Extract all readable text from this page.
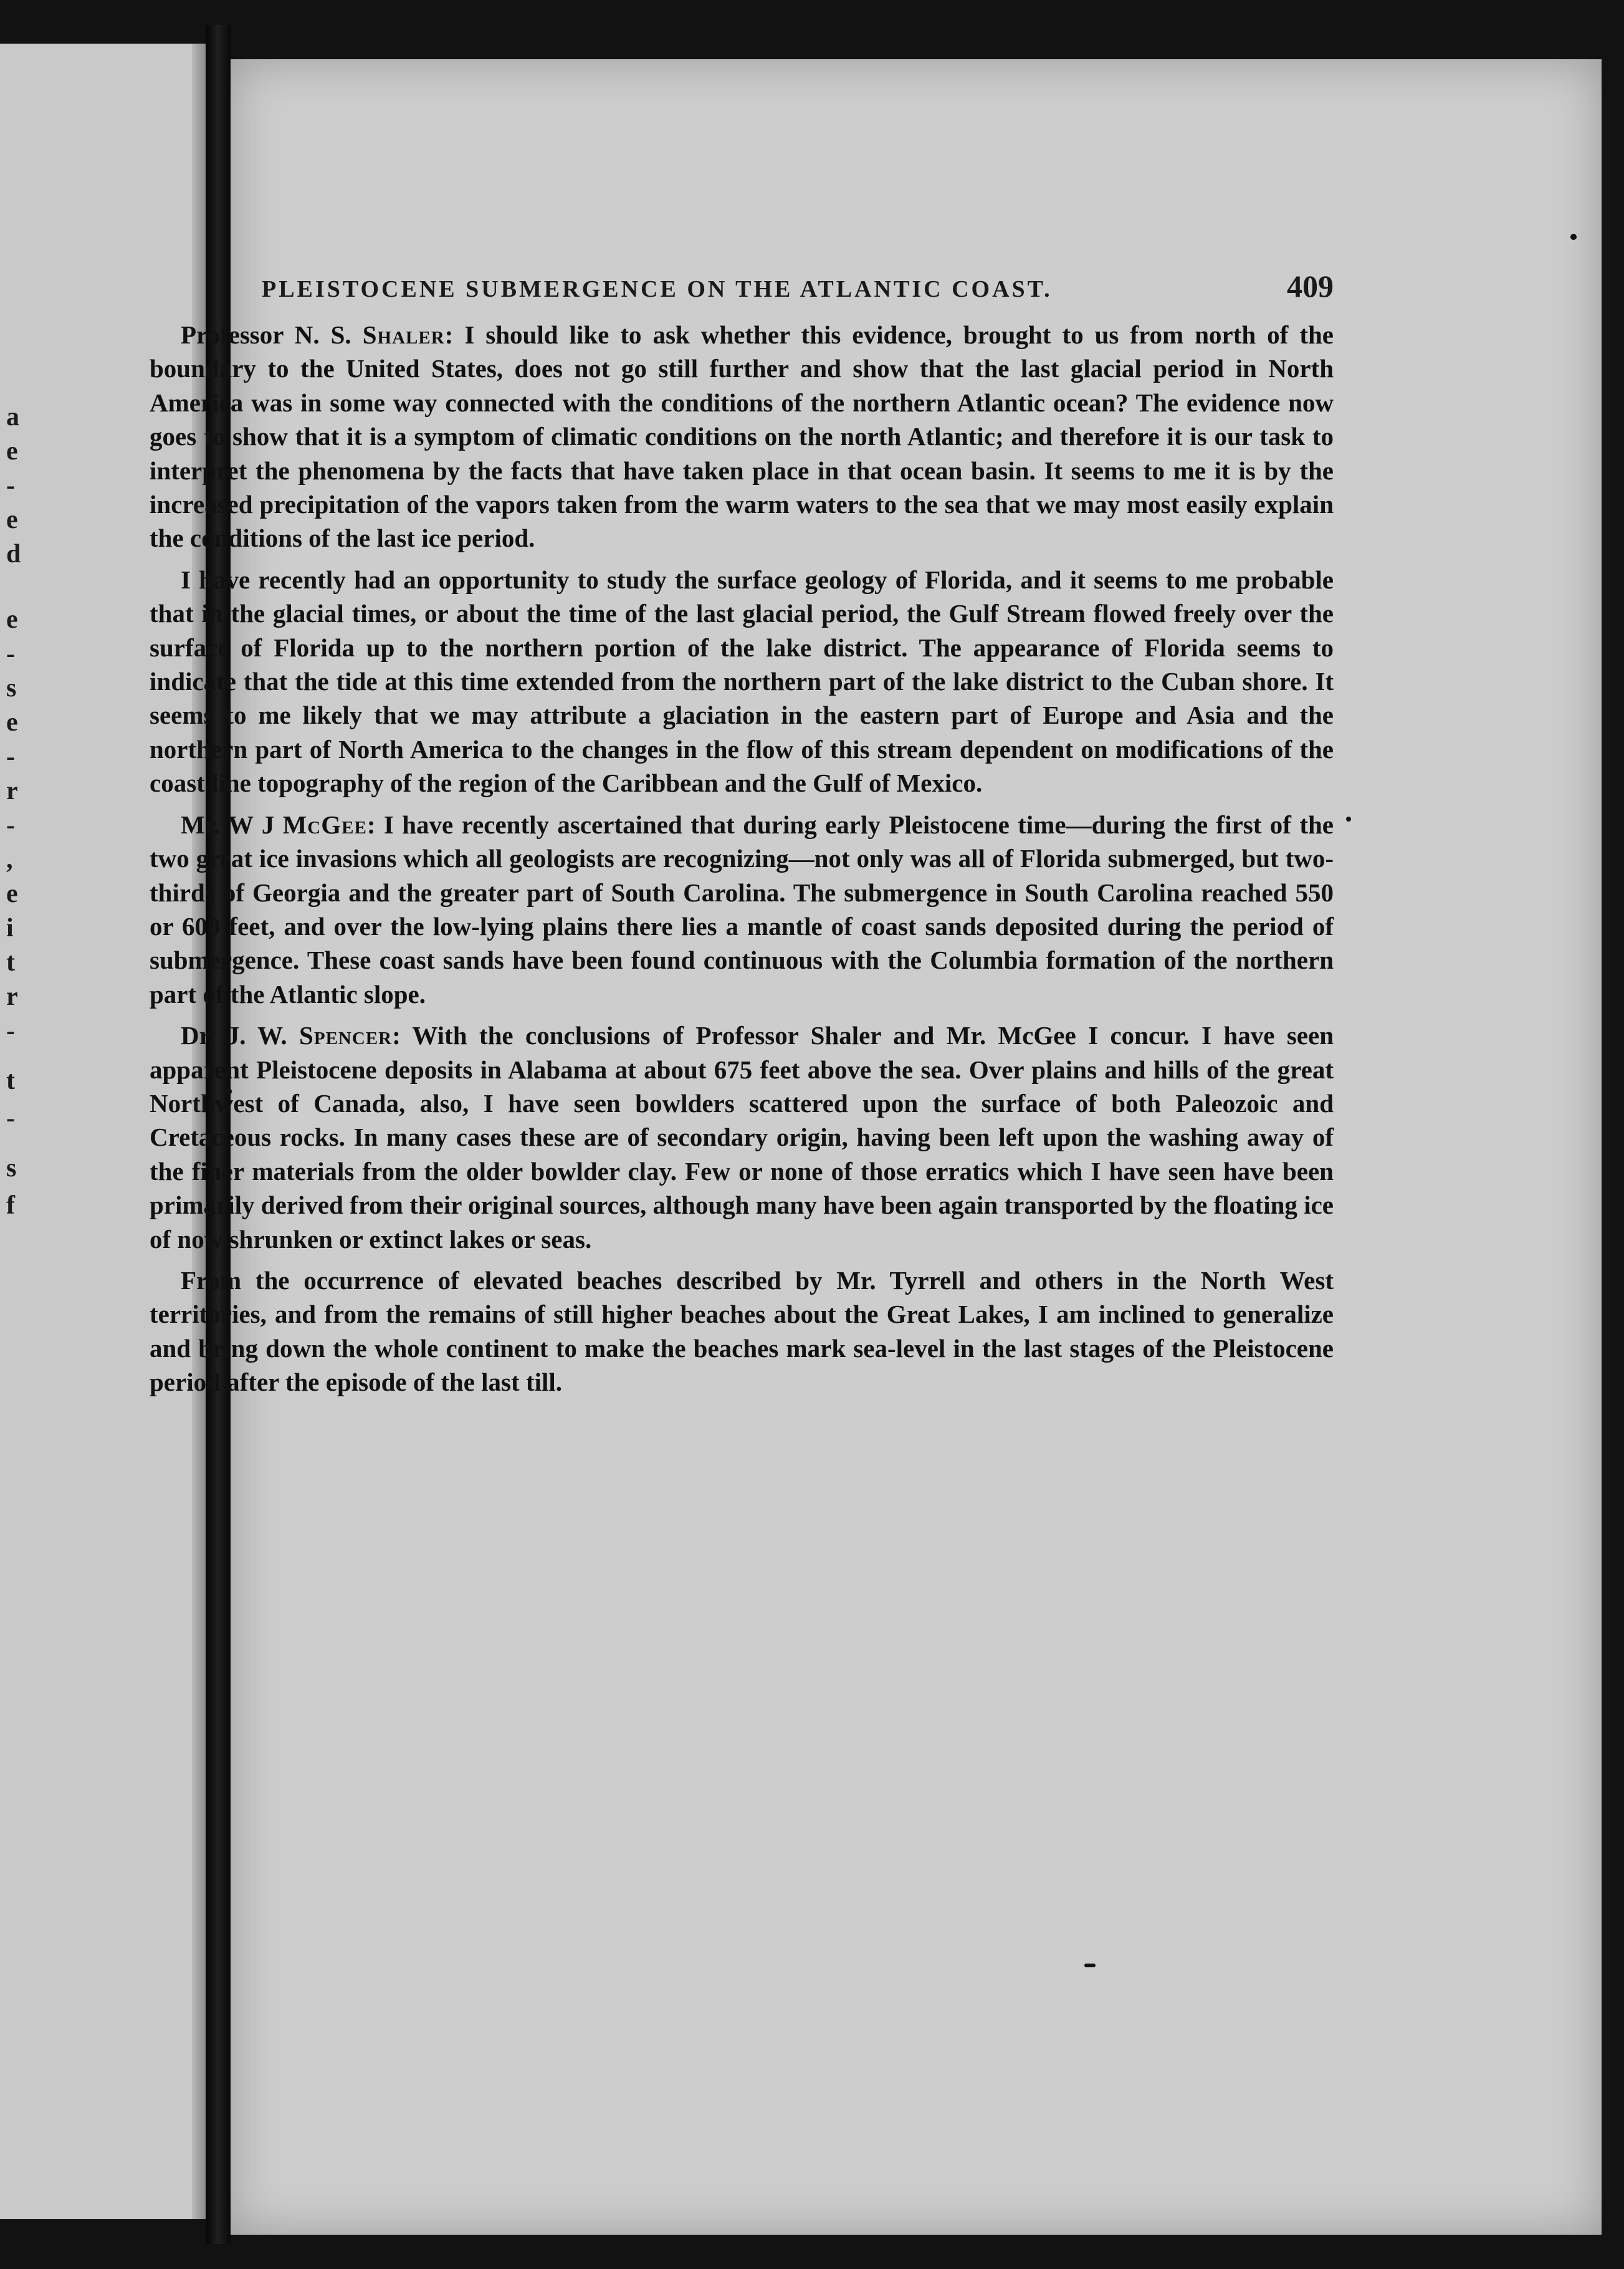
a
e
-
e
d
e
-
s
e
-
r
-
,
e
i
t
r
-
t
-
s
f
PLEISTOCENE SUBMERGENCE ON THE ATLANTIC COAST.	409

Professor N. S. Shaler: I should like to ask whether this evidence, brought to us from north of the boundary to the United States, does not go still further and show that the last glacial period in North America was in some way connected with the conditions of the northern Atlantic ocean? The evidence now goes to show that it is a symptom of climatic conditions on the north Atlantic; and therefore it is our task to interpret the phenomena by the facts that have taken place in that ocean basin. It seems to me it is by the increased precipitation of the vapors taken from the warm waters to the sea that we may most easily explain the conditions of the last ice period.

I have recently had an opportunity to study the surface geology of Florida, and it seems to me probable that in the glacial times, or about the time of the last glacial period, the Gulf Stream flowed freely over the surface of Florida up to the northern portion of the lake district. The appearance of Florida seems to indicate that the tide at this time extended from the northern part of the lake district to the Cuban shore. It seems to me likely that we may attribute a glaciation in the eastern part of Europe and Asia and the northern part of North America to the changes in the flow of this stream dependent on modifications of the coast line topography of the region of the Caribbean and the Gulf of Mexico.

Mr. W J McGee: I have recently ascertained that during early Pleistocene time—during the first of the two great ice invasions which all geologists are recognizing—not only was all of Florida submerged, but two-thirds of Georgia and the greater part of South Carolina. The submergence in South Carolina reached 550 or 600 feet, and over the low-lying plains there lies a mantle of coast sands deposited during the period of submergence. These coast sands have been found continuous with the Columbia formation of the northern part of the Atlantic slope.

Dr. J. W. Spencer: With the conclusions of Professor Shaler and Mr. McGee I concur. I have seen apparent Pleistocene deposits in Alabama at about 675 feet above the sea. Over plains and hills of the great Northwest of Canada, also, I have seen bowlders scattered upon the surface of both Paleozoic and Cretaceous rocks. In many cases these are of secondary origin, having been left upon the washing away of the finer materials from the older bowlder clay. Few or none of those erratics which I have seen have been primarily derived from their original sources, although many have been again transported by the floating ice of now shrunken or extinct lakes or seas.

From the occurrence of elevated beaches described by Mr. Tyrrell and others in the North West territories, and from the remains of still higher beaches about the Great Lakes, I am inclined to generalize and bring down the whole continent to make the beaches mark sea-level in the last stages of the Pleistocene period after the episode of the last till.
